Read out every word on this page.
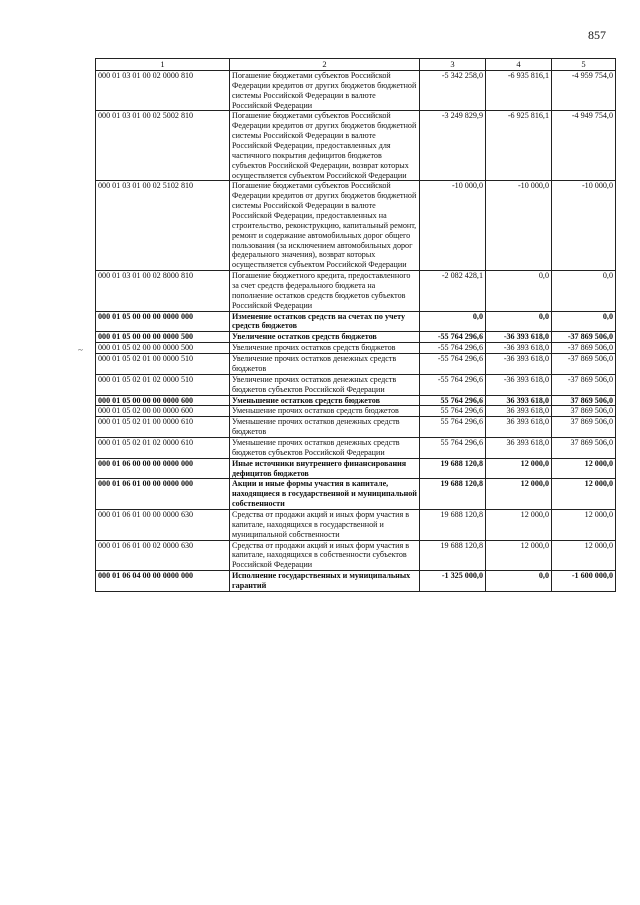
857
1	2	3	4	5
000 01 03 01 00 02 0000 810	Погашение бюджетами субъектов Российской Федерации кредитов от других бюджетов бюджетной системы Российской Федерации в валюте Российской Федерации	-5 342 258,0	-6 935 816,1	-4 959 754,0
000 01 03 01 00 02 5002 810	Погашение бюджетами субъектов Российской Федерации кредитов от других бюджетов бюджетной системы Российской Федерации в валюте Российской Федерации, предоставленных для частичного покрытия дефицитов бюджетов субъектов Российской Федерации, возврат которых осуществляется субъектом Российской Федерации	-3 249 829,9	-6 925 816,1	-4 949 754,0
000 01 03 01 00 02 5102 810	Погашение бюджетами субъектов Российской Федерации кредитов от других бюджетов бюджетной системы Российской Федерации в валюте Российской Федерации, предоставленных на строительство, реконструкцию, капитальный ремонт, ремонт и содержание автомобильных дорог общего пользования (за исключением автомобильных дорог федерального значения), возврат которых осуществляется субъектом Российской Федерации	-10 000,0	-10 000,0	-10 000,0
000 01 03 01 00 02 8000 810	Погашение бюджетного кредита, предоставленного за счет средств федерального бюджета на пополнение остатков средств бюджетов субъектов Российской Федерации	-2 082 428,1	0,0	0,0
000 01 05 00 00 00 0000 000	Изменение остатков средств на счетах по учету средств бюджетов	0,0	0,0	0,0
000 01 05 00 00 00 0000 500	Увеличение остатков средств бюджетов	-55 764 296,6	-36 393 618,0	-37 869 506,0
000 01 05 02 00 00 0000 500	Увеличение прочих остатков средств бюджетов	-55 764 296,6	-36 393 618,0	-37 869 506,0
000 01 05 02 01 00 0000 510	Увеличение прочих остатков денежных средств бюджетов	-55 764 296,6	-36 393 618,0	-37 869 506,0
000 01 05 02 01 02 0000 510	Увеличение прочих остатков денежных средств бюджетов субъектов Российской Федерации	-55 764 296,6	-36 393 618,0	-37 869 506,0
000 01 05 00 00 00 0000 600	Уменьшение остатков средств бюджетов	55 764 296,6	36 393 618,0	37 869 506,0
000 01 05 02 00 00 0000 600	Уменьшение прочих остатков средств бюджетов	55 764 296,6	36 393 618,0	37 869 506,0
000 01 05 02 01 00 0000 610	Уменьшение прочих остатков денежных средств бюджетов	55 764 296,6	36 393 618,0	37 869 506,0
000 01 05 02 01 02 0000 610	Уменьшение прочих остатков денежных средств бюджетов субъектов Российской Федерации	55 764 296,6	36 393 618,0	37 869 506,0
000 01 06 00 00 00 0000 000	Иные источники внутреннего финансирования дефицитов бюджетов	19 688 120,8	12 000,0	12 000,0
000 01 06 01 00 00 0000 000	Акции и иные формы участия в капитале, находящиеся в государственной и муниципальной собственности	19 688 120,8	12 000,0	12 000,0
000 01 06 01 00 00 0000 630	Средства от продажи акций и иных форм участия в капитале, находящихся в государственной и муниципальной собственности	19 688 120,8	12 000,0	12 000,0
000 01 06 01 00 02 0000 630	Средства от продажи акций и иных форм участия в капитале, находящихся в собственности субъектов Российской Федерации	19 688 120,8	12 000,0	12 000,0
000 01 06 04 00 00 0000 000	Исполнение государственных и муниципальных гарантий	-1 325 000,0	0,0	-1 600 000,0
~
